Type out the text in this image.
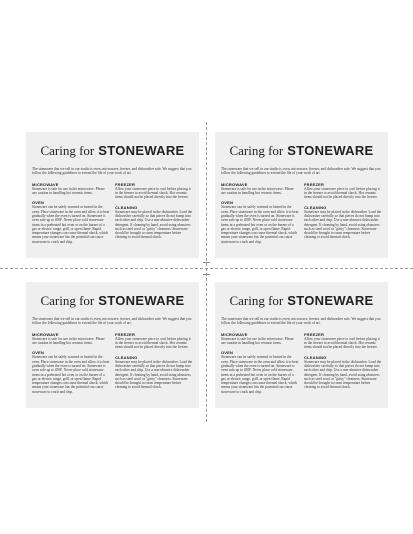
Caring for STONEWARE
The stoneware that we sell in our studio is oven, microwave, freezer, and dishwasher safe. We suggest that you follow the following guidelines to extend the life of your work of art.
MICROWAVE
Stoneware is safe for use in the microwave. Please use caution in handling hot ceramic items.
OVEN
Stoneware can be safely warmed or heated in the oven. Place stoneware in the oven and allow it to heat gradually when the oven is turned on. Stoneware is oven safe up to 450F. Never place cold stoneware items in a preheated hot oven or on the burner of a gas or electric range, grill, or open flame. Rapid temperature changes can cause thermal shock, which means your stoneware has the potential can cause stoneware to crack and chip.
FREEZER
Allow your stoneware piece to cool before placing it in the freezer to avoid thermal shock. Hot ceramic items should not be placed directly into the freezer.
CLEANING
Stoneware may be placed in the dishwasher. Load the dishwasher carefully so that pieces do not bump into each other and chip. Use a non-abrasive dishwasher detergent. If cleaning by hand, avoid using abrasives such as steel wool or "gritty" cleansers. Stoneware should be brought to room temperature before cleaning to avoid thermal shock.
Caring for STONEWARE
The stoneware that we sell in our studio is oven, microwave, freezer, and dishwasher safe. We suggest that you follow the following guidelines to extend the life of your work of art.
MICROWAVE
Stoneware is safe for use in the microwave. Please use caution in handling hot ceramic items.
OVEN
Stoneware can be safely warmed or heated in the oven. Place stoneware in the oven and allow it to heat gradually when the oven is turned on. Stoneware is oven safe up to 450F. Never place cold stoneware items in a preheated hot oven or on the burner of a gas or electric range, grill, or open flame. Rapid temperature changes can cause thermal shock, which means your stoneware has the potential can cause stoneware to crack and chip.
FREEZER
Allow your stoneware piece to cool before placing it in the freezer to avoid thermal shock. Hot ceramic items should not be placed directly into the freezer.
CLEANING
Stoneware may be placed in the dishwasher. Load the dishwasher carefully so that pieces do not bump into each other and chip. Use a non-abrasive dishwasher detergent. If cleaning by hand, avoid using abrasives such as steel wool or "gritty" cleansers. Stoneware should be brought to room temperature before cleaning to avoid thermal shock.
Caring for STONEWARE
The stoneware that we sell in our studio is oven, microwave, freezer, and dishwasher safe. We suggest that you follow the following guidelines to extend the life of your work of art.
MICROWAVE
Stoneware is safe for use in the microwave. Please use caution in handling hot ceramic items.
OVEN
Stoneware can be safely warmed or heated in the oven. Place stoneware in the oven and allow it to heat gradually when the oven is turned on. Stoneware is oven safe up to 450F. Never place cold stoneware items in a preheated hot oven or on the burner of a gas or electric range, grill, or open flame. Rapid temperature changes can cause thermal shock, which means your stoneware has the potential can cause stoneware to crack and chip.
FREEZER
Allow your stoneware piece to cool before placing it in the freezer to avoid thermal shock. Hot ceramic items should not be placed directly into the freezer.
CLEANING
Stoneware may be placed in the dishwasher. Load the dishwasher carefully so that pieces do not bump into each other and chip. Use a non-abrasive dishwasher detergent. If cleaning by hand, avoid using abrasives such as steel wool or "gritty" cleansers. Stoneware should be brought to room temperature before cleaning to avoid thermal shock.
Caring for STONEWARE
The stoneware that we sell in our studio is oven, microwave, freezer, and dishwasher safe. We suggest that you follow the following guidelines to extend the life of your work of art.
MICROWAVE
Stoneware is safe for use in the microwave. Please use caution in handling hot ceramic items.
OVEN
Stoneware can be safely warmed or heated in the oven. Place stoneware in the oven and allow it to heat gradually when the oven is turned on. Stoneware is oven safe up to 450F. Never place cold stoneware items in a preheated hot oven or on the burner of a gas or electric range, grill, or open flame. Rapid temperature changes can cause thermal shock, which means your stoneware has the potential can cause stoneware to crack and chip.
FREEZER
Allow your stoneware piece to cool before placing it in the freezer to avoid thermal shock. Hot ceramic items should not be placed directly into the freezer.
CLEANING
Stoneware may be placed in the dishwasher. Load the dishwasher carefully so that pieces do not bump into each other and chip. Use a non-abrasive dishwasher detergent. If cleaning by hand, avoid using abrasives such as steel wool or "gritty" cleansers. Stoneware should be brought to room temperature before cleaning to avoid thermal shock.
